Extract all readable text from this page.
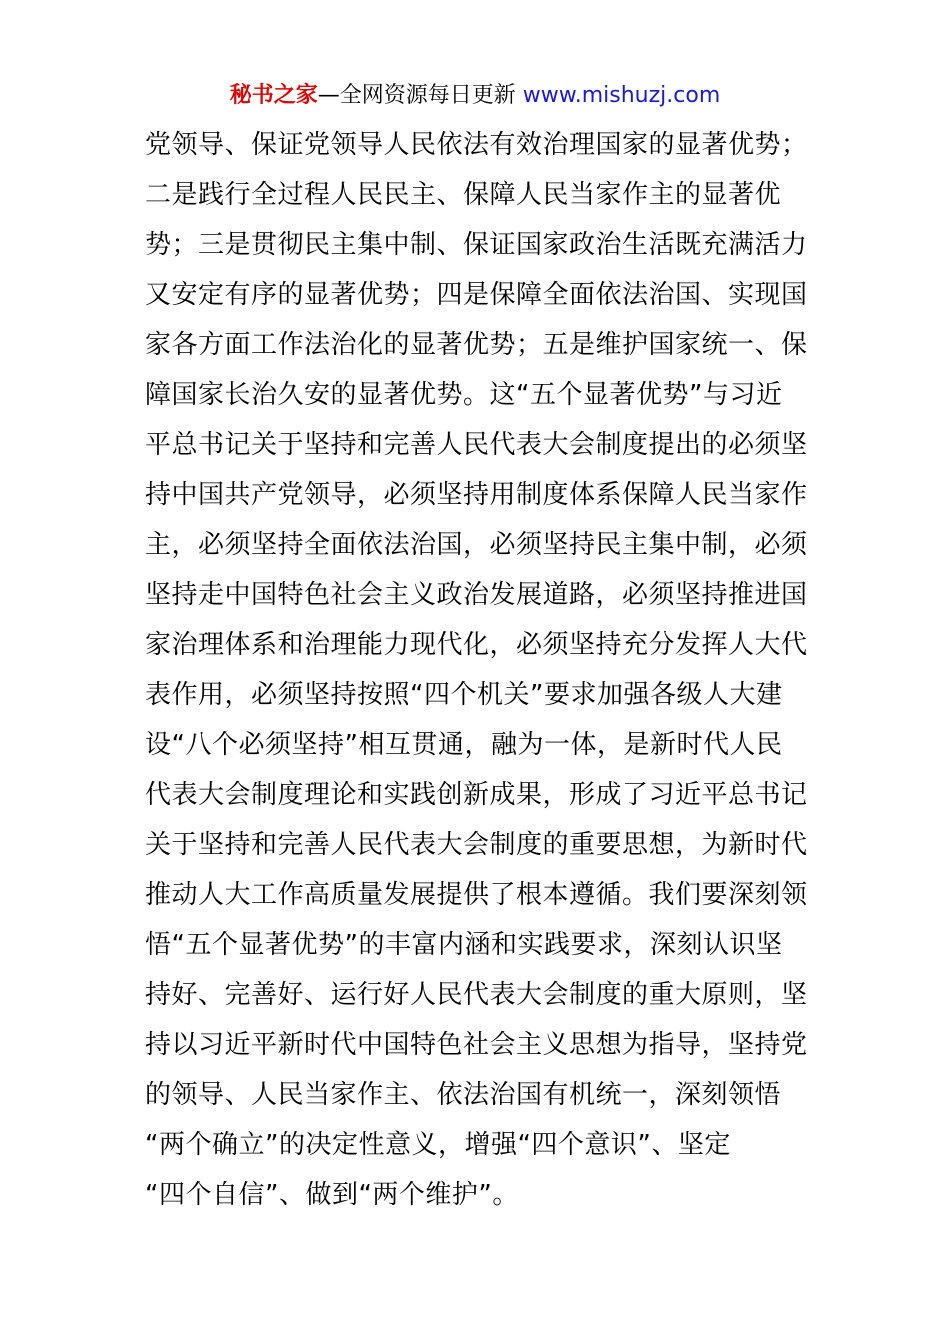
秘书之家—全网资源每日更新 www.mishuzj.com
党领导、保证党领导人民依法有效治理国家的显著优势；
二是践行全过程人民民主、保障人民当家作主的显著优
势；三是贯彻民主集中制、保证国家政治生活既充满活力
又安定有序的显著优势；四是保障全面依法治国、实现国
家各方面工作法治化的显著优势；五是维护国家统一、保
障国家长治久安的显著优势。这“五个显著优势”与习近
平总书记关于坚持和完善人民代表大会制度提出的必须坚
持中国共产党领导，必须坚持用制度体系保障人民当家作
主，必须坚持全面依法治国，必须坚持民主集中制，必须
坚持走中国特色社会主义政治发展道路，必须坚持推进国
家治理体系和治理能力现代化，必须坚持充分发挥人大代
表作用，必须坚持按照“四个机关”要求加强各级人大建
设“八个必须坚持”相互贯通，融为一体，是新时代人民
代表大会制度理论和实践创新成果，形成了习近平总书记
关于坚持和完善人民代表大会制度的重要思想，为新时代
推动人大工作高质量发展提供了根本遵循。我们要深刻领
悟“五个显著优势”的丰富内涵和实践要求，深刻认识坚
持好、完善好、运行好人民代表大会制度的重大原则，坚
持以习近平新时代中国特色社会主义思想为指导，坚持党
的领导、人民当家作主、依法治国有机统一，深刻领悟
“两个确立”的决定性意义，增强“四个意识”、坚定
“四个自信”、做到“两个维护”。
